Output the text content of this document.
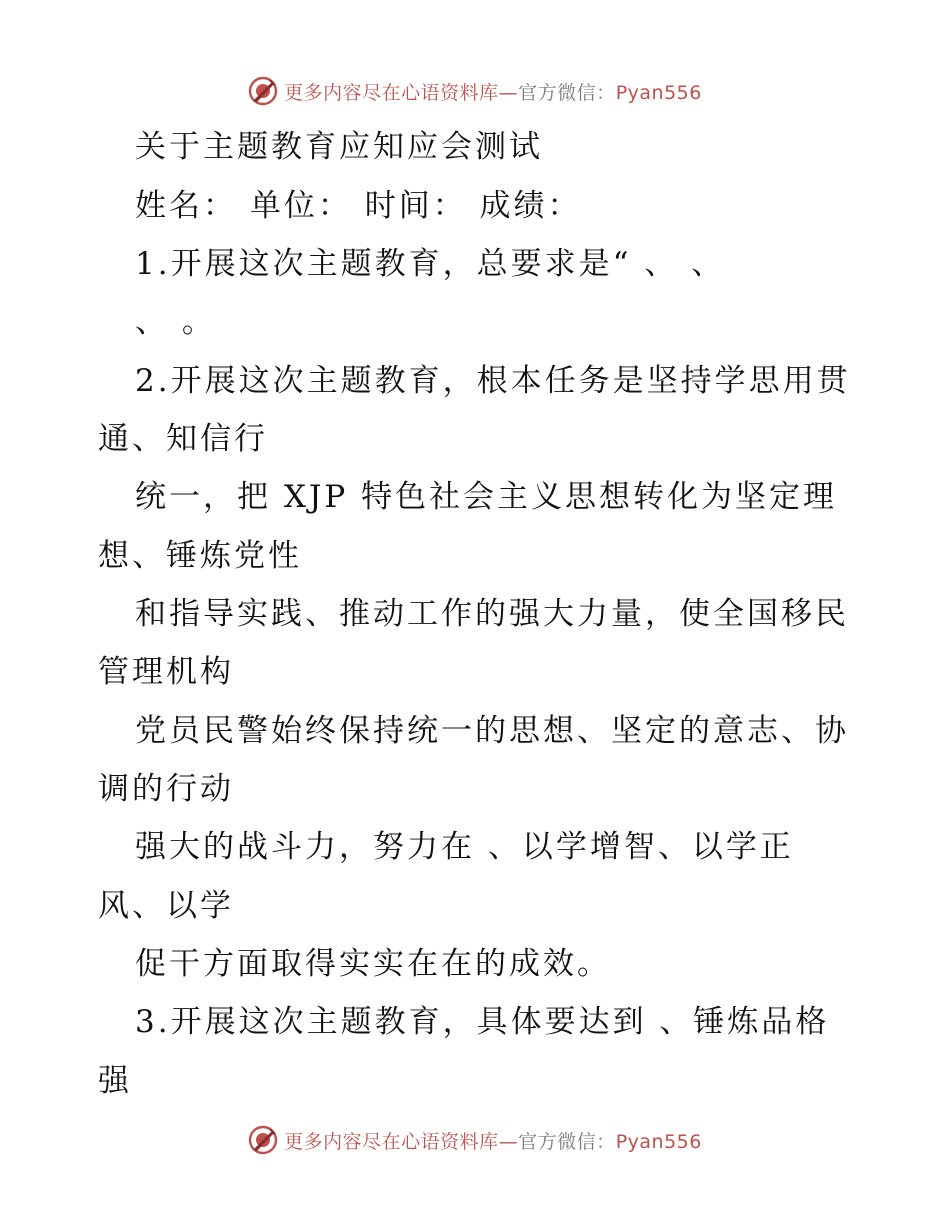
更多内容尽在心语资料库—官方微信：Pyan556
关于主题教育应知应会测试
姓名： 单位： 时间： 成绩：
1.开展这次主题教育，总要求是“ 、 、
、 。
2.开展这次主题教育，根本任务是坚持学思用贯
通、知信行
统一，把 XJP 特色社会主义思想转化为坚定理
想、锤炼党性
和指导实践、推动工作的强大力量，使全国移民
管理机构
党员民警始终保持统一的思想、坚定的意志、协
调的行动
强大的战斗力，努力在 、以学增智、以学正
风、以学
促干方面取得实实在在的成效。
3.开展这次主题教育，具体要达到 、锤炼品格
强
更多内容尽在心语资料库—官方微信：Pyan556
